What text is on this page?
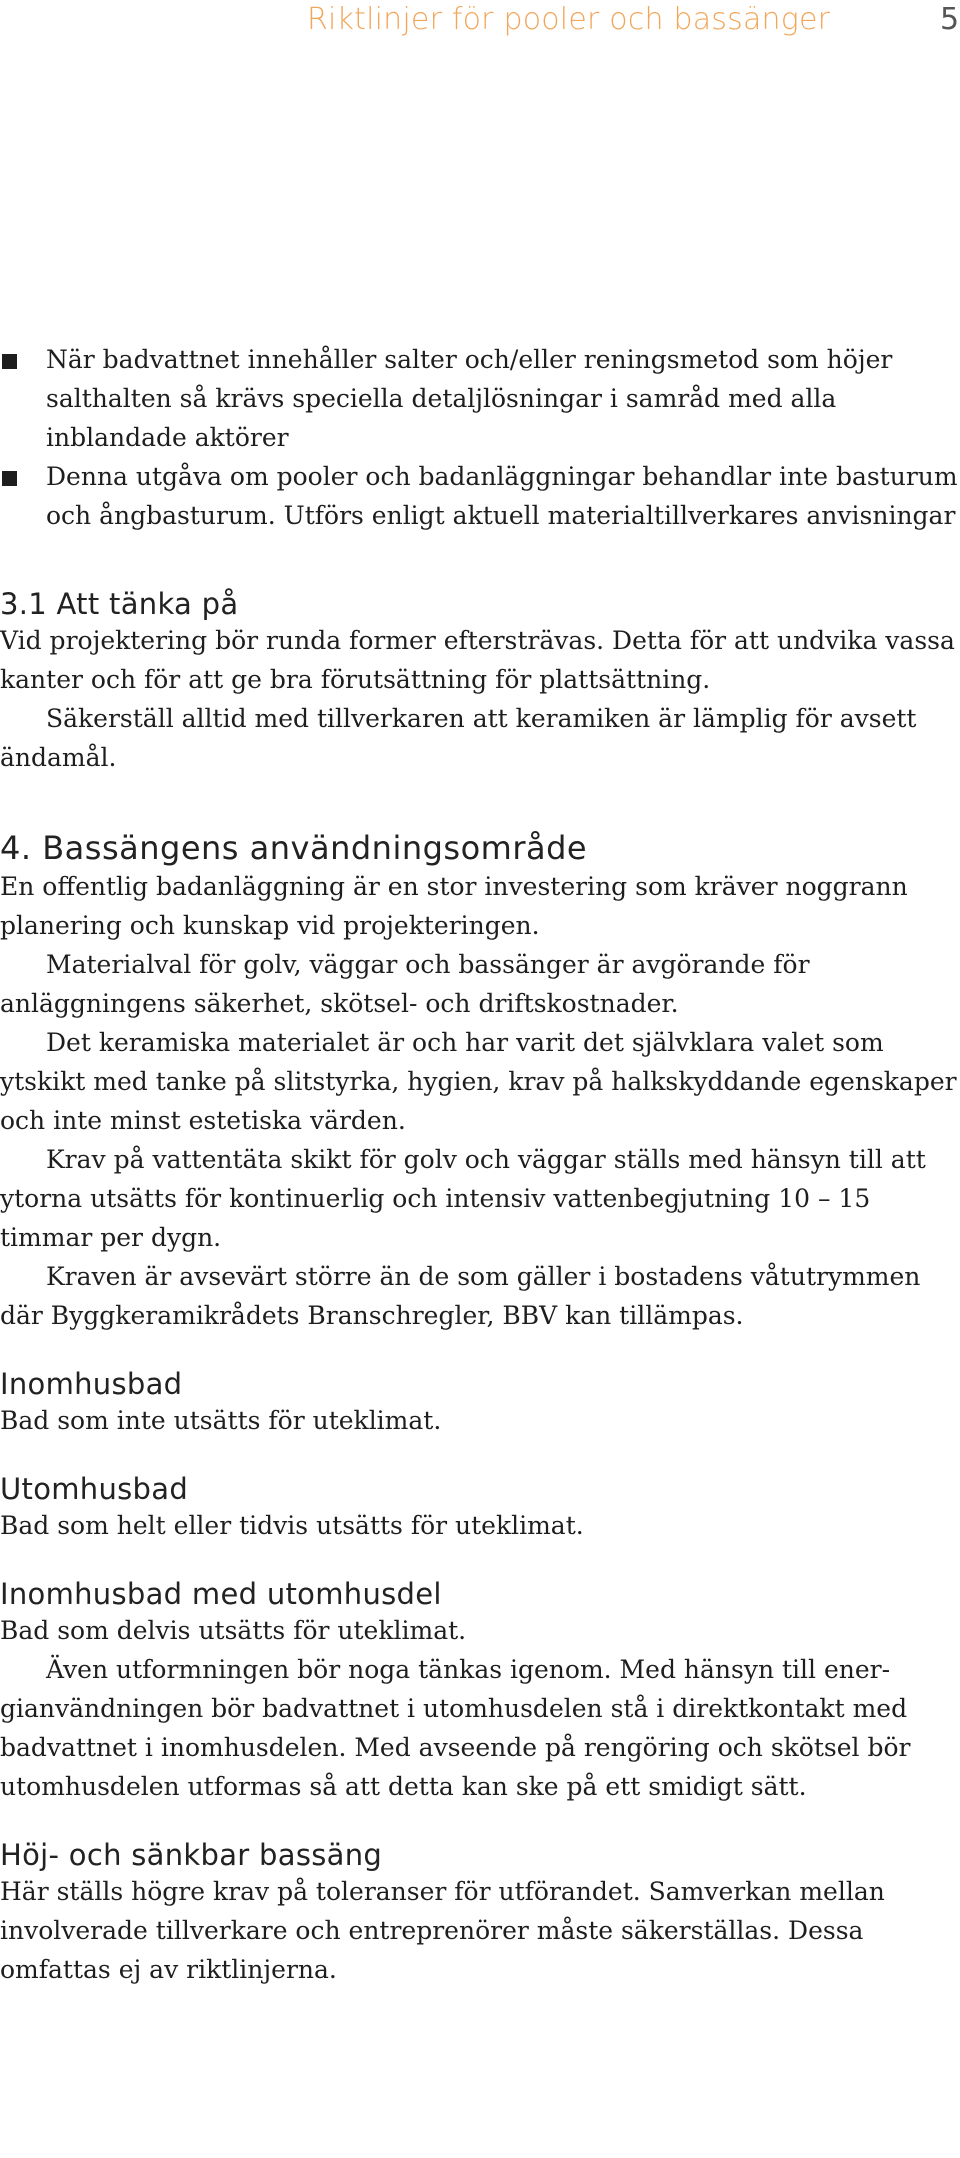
Riktlinjer för pooler och bassänger	5
När badvattnet innehåller salter och/eller reningsmetod som höjer salthalten så krävs speciella detaljlösningar i samråd med alla inblandade aktörer
Denna utgåva om pooler och badanläggningar behandlar inte basturum och ångbasturum. Utförs enligt aktuell materialtillverkares anvisningar
3.1 Att tänka på

Vid projektering bör runda former eftersträvas. Detta för att undvika vassa kanter och för att ge bra förutsättning för plattsättning.

Säkerställ alltid med tillverkaren att keramiken är lämplig för avsett ändamål.

4. Bassängens användningsområde

En offentlig badanläggning är en stor investering som kräver noggrann planering och kunskap vid projekteringen.

Materialval för golv, väggar och bassänger är avgörande för anläggningens säkerhet, skötsel- och driftskostnader.

Det keramiska materialet är och har varit det självklara valet som ytskikt med tanke på slitstyrka, hygien, krav på halkskyddande egenskaper och inte minst estetiska värden.

Krav på vattentäta skikt för golv och väggar ställs med hänsyn till att ytorna utsätts för kontinuerlig och intensiv vattenbegjutning 10 – 15 timmar per dygn.

Kraven är avsevärt större än de som gäller i bostadens våtutrymmen där Byggkeramikrådets Branschregler, BBV kan tillämpas.

Inomhusbad

Bad som inte utsätts för uteklimat.

Utomhusbad

Bad som helt eller tidvis utsätts för uteklimat.

Inomhusbad med utomhusdel

Bad som delvis utsätts för uteklimat.

Även utformningen bör noga tänkas igenom. Med hänsyn till energianvändningen bör badvattnet i utomhusdelen stå i direktkontakt med badvattnet i inomhusdelen. Med avseende på rengöring och skötsel bör utomhusdelen utformas så att detta kan ske på ett smidigt sätt.

Höj- och sänkbar bassäng

Här ställs högre krav på toleranser för utförandet. Samverkan mellan involverade tillverkare och entreprenörer måste säkerställas. Dessa omfattas ej av riktlinjerna.
